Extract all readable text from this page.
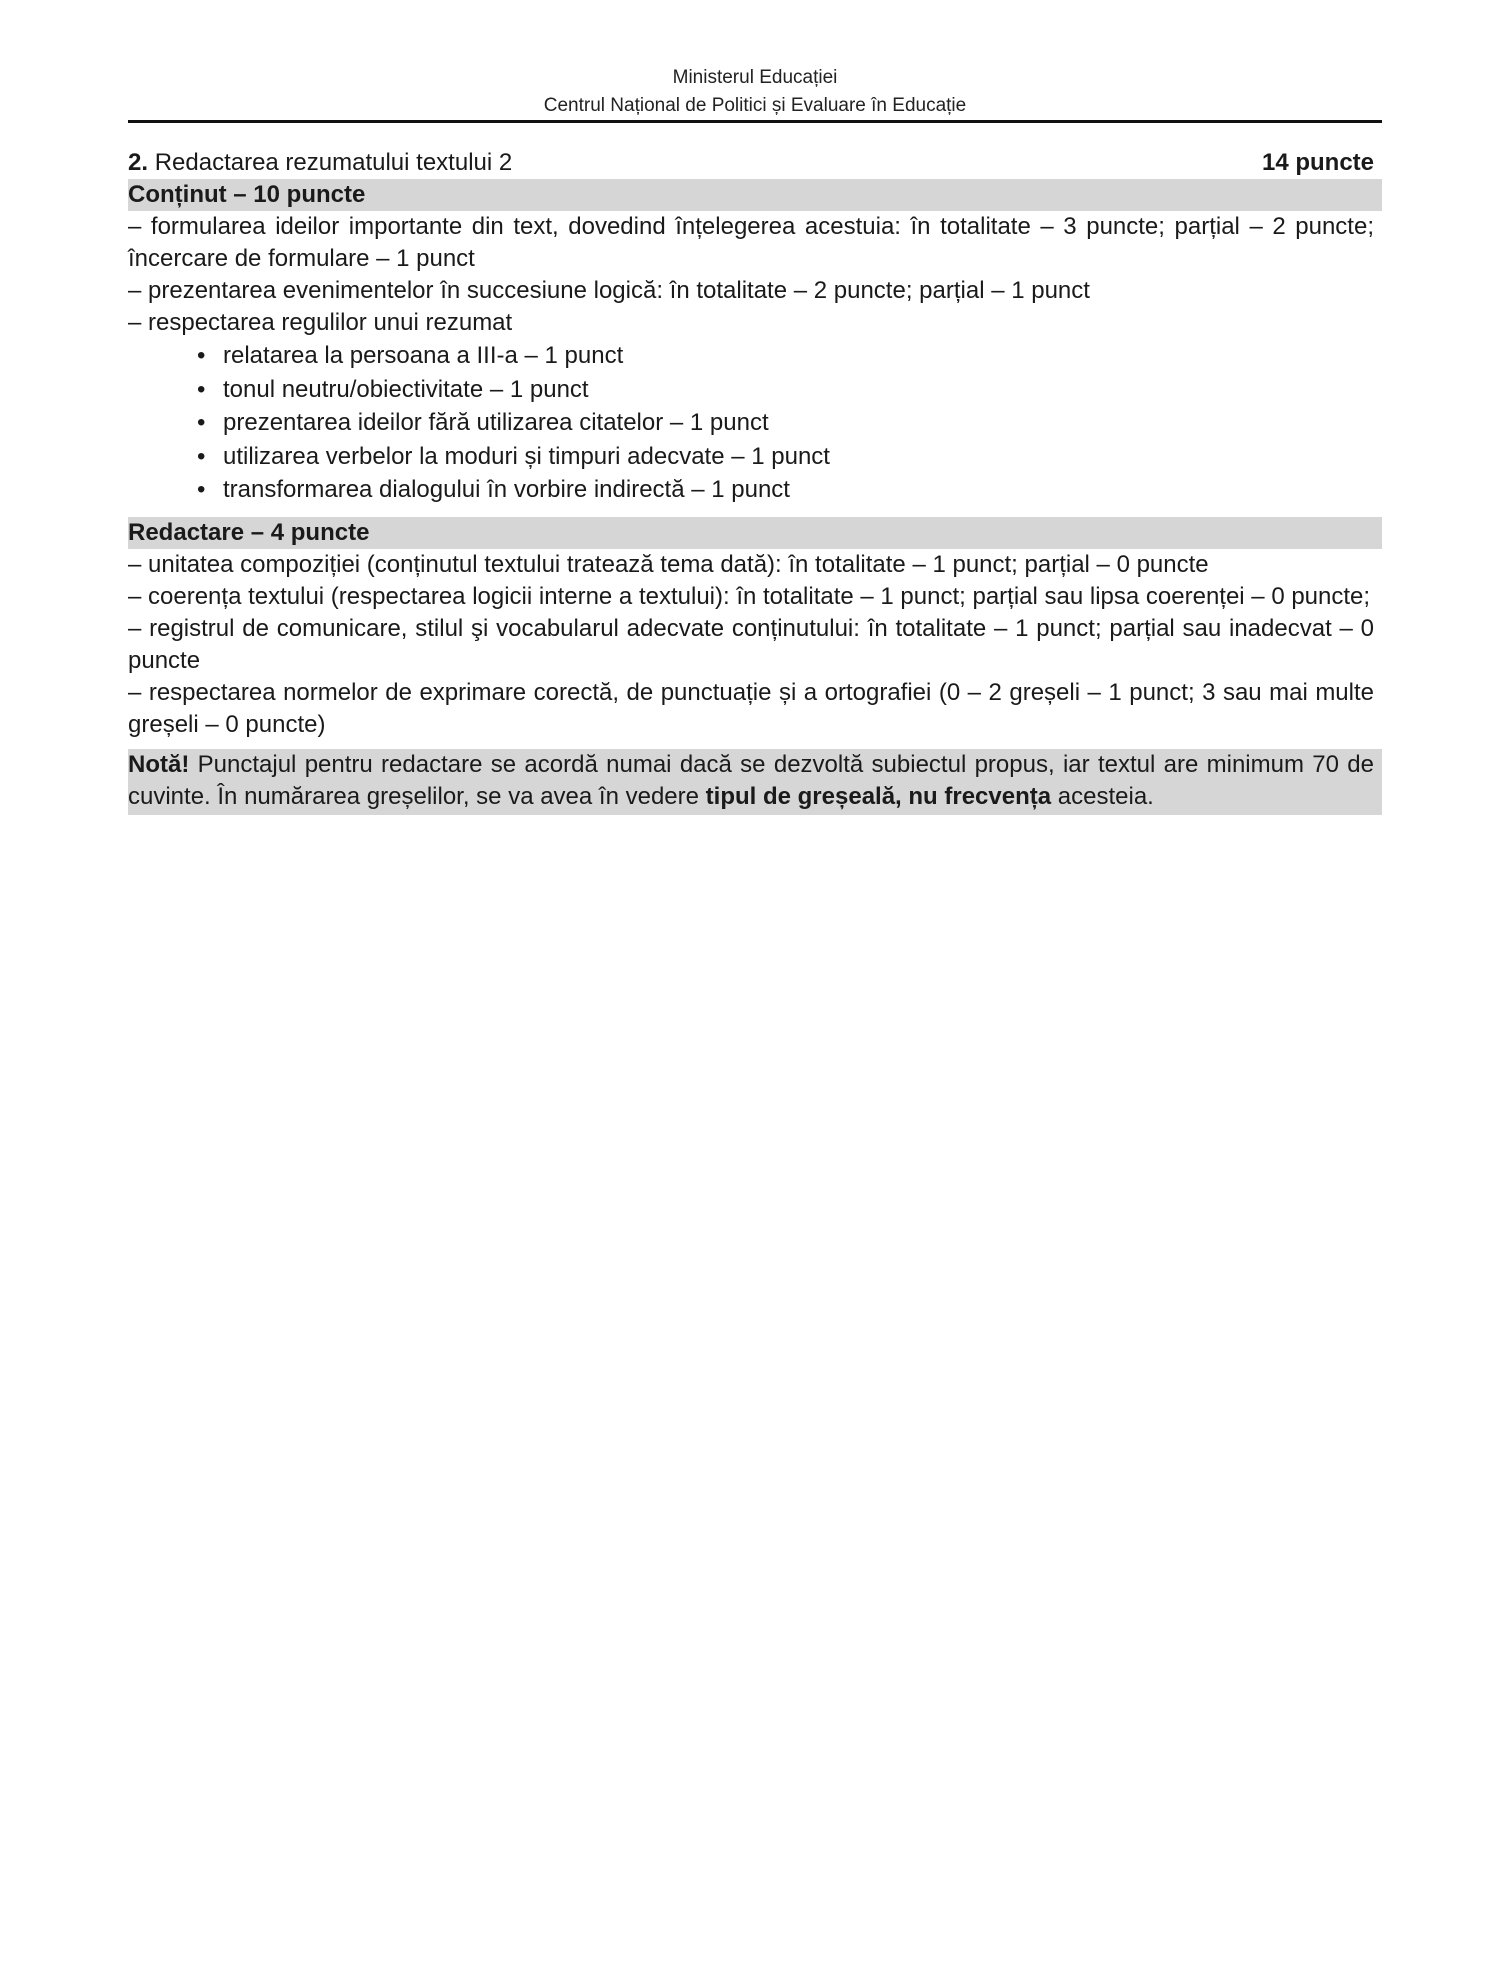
Ministerul Educației
Centrul Național de Politici și Evaluare în Educație
2. Redactarea rezumatului textului 2	14 puncte
Conținut – 10 puncte
– formularea ideilor importante din text, dovedind înțelegerea acestuia: în totalitate – 3 puncte; parțial – 2 puncte; încercare de formulare – 1 punct
– prezentarea evenimentelor în succesiune logică: în totalitate – 2 puncte; parțial – 1 punct
– respectarea regulilor unui rezumat
• relatarea la persoana a III-a – 1 punct
• tonul neutru/obiectivitate – 1 punct
• prezentarea ideilor fără utilizarea citatelor – 1 punct
• utilizarea verbelor la moduri și timpuri adecvate – 1 punct
• transformarea dialogului în vorbire indirectă – 1 punct
Redactare – 4 puncte
– unitatea compoziției (conținutul textului tratează tema dată): în totalitate – 1 punct; parțial – 0 puncte
– coerența textului (respectarea logicii interne a textului): în totalitate – 1 punct; parțial sau lipsa coerenței – 0 puncte;
– registrul de comunicare, stilul şi vocabularul adecvate conținutului: în totalitate – 1 punct; parțial sau inadecvat – 0 puncte
– respectarea normelor de exprimare corectă, de punctuație și a ortografiei (0 – 2 greșeli – 1 punct; 3 sau mai multe greșeli – 0 puncte)
Notă! Punctajul pentru redactare se acordă numai dacă se dezvoltă subiectul propus, iar textul are minimum 70 de cuvinte. În numărarea greșelilor, se va avea în vedere tipul de greșeală, nu frecvența acesteia.
